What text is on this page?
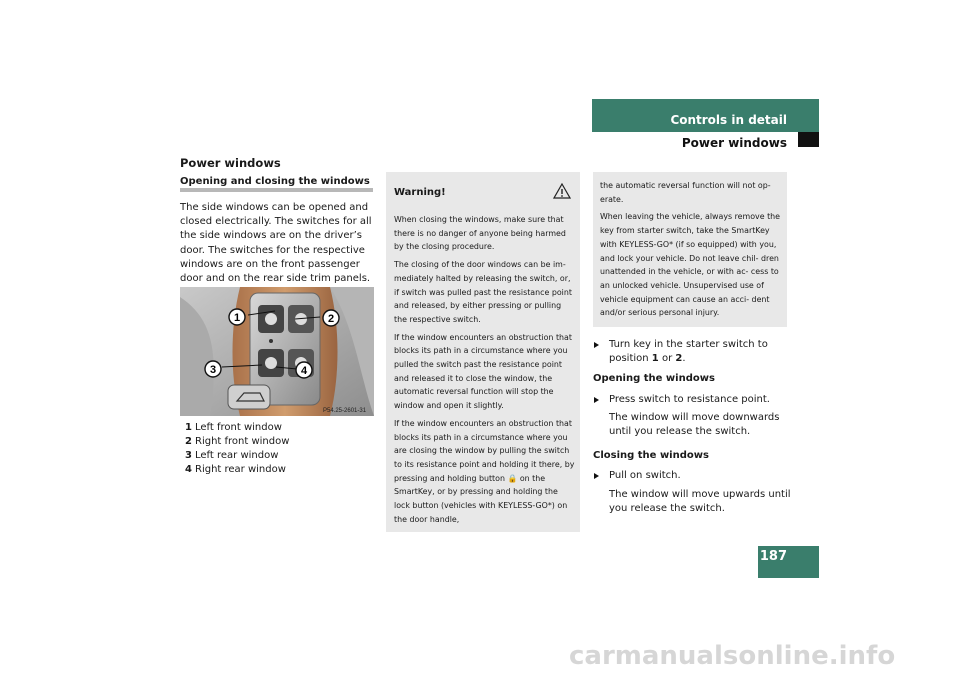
Controls in detail
Power windows
187
Power windows
Opening and closing the windows
The side windows can be opened and closed electrically. The switches for all the side windows are on the driver’s door. The switches for the respective windows are on the front passenger door and on the rear side trim panels.
1	2
3	4
P54.25-2601-31
1 Left front window
2 Right front window
3 Left rear window
4 Right rear window
Warning!

When closing the windows, make sure that there is no danger of anyone being harmed by the closing procedure.

The closing of the door windows can be im- mediately halted by releasing the switch, or, if switch was pulled past the resistance point and released, by either pressing or pulling the respective switch.

If the window encounters an obstruction that blocks its path in a circumstance where you pulled the switch past the resistance point and released it to close the window, the automatic reversal function will stop the window and open it slightly.

If the window encounters an obstruction that blocks its path in a circumstance where you are closing the window by pulling the switch to its resistance point and holding it there, by pressing and holding button 🔒 on the SmartKey, or by pressing and holding the lock button (vehicles with KEYLESS-GO*) on the door handle,

the automatic reversal function will not op- erate.

When leaving the vehicle, always remove the key from starter switch, take the SmartKey with KEYLESS-GO* (if so equipped) with you, and lock your vehicle. Do not leave chil- dren unattended in the vehicle, or with ac- cess to an unlocked vehicle. Unsupervised use of vehicle equipment can cause an acci- dent and/or serious personal injury.

Turn key in the starter switch to position 1 or 2.
Opening the windows
Press switch to resistance point.
The window will move downwards until you release the switch.
Closing the windows
Pull on switch.
The window will move upwards until you release the switch.
carmanualsonline.info
